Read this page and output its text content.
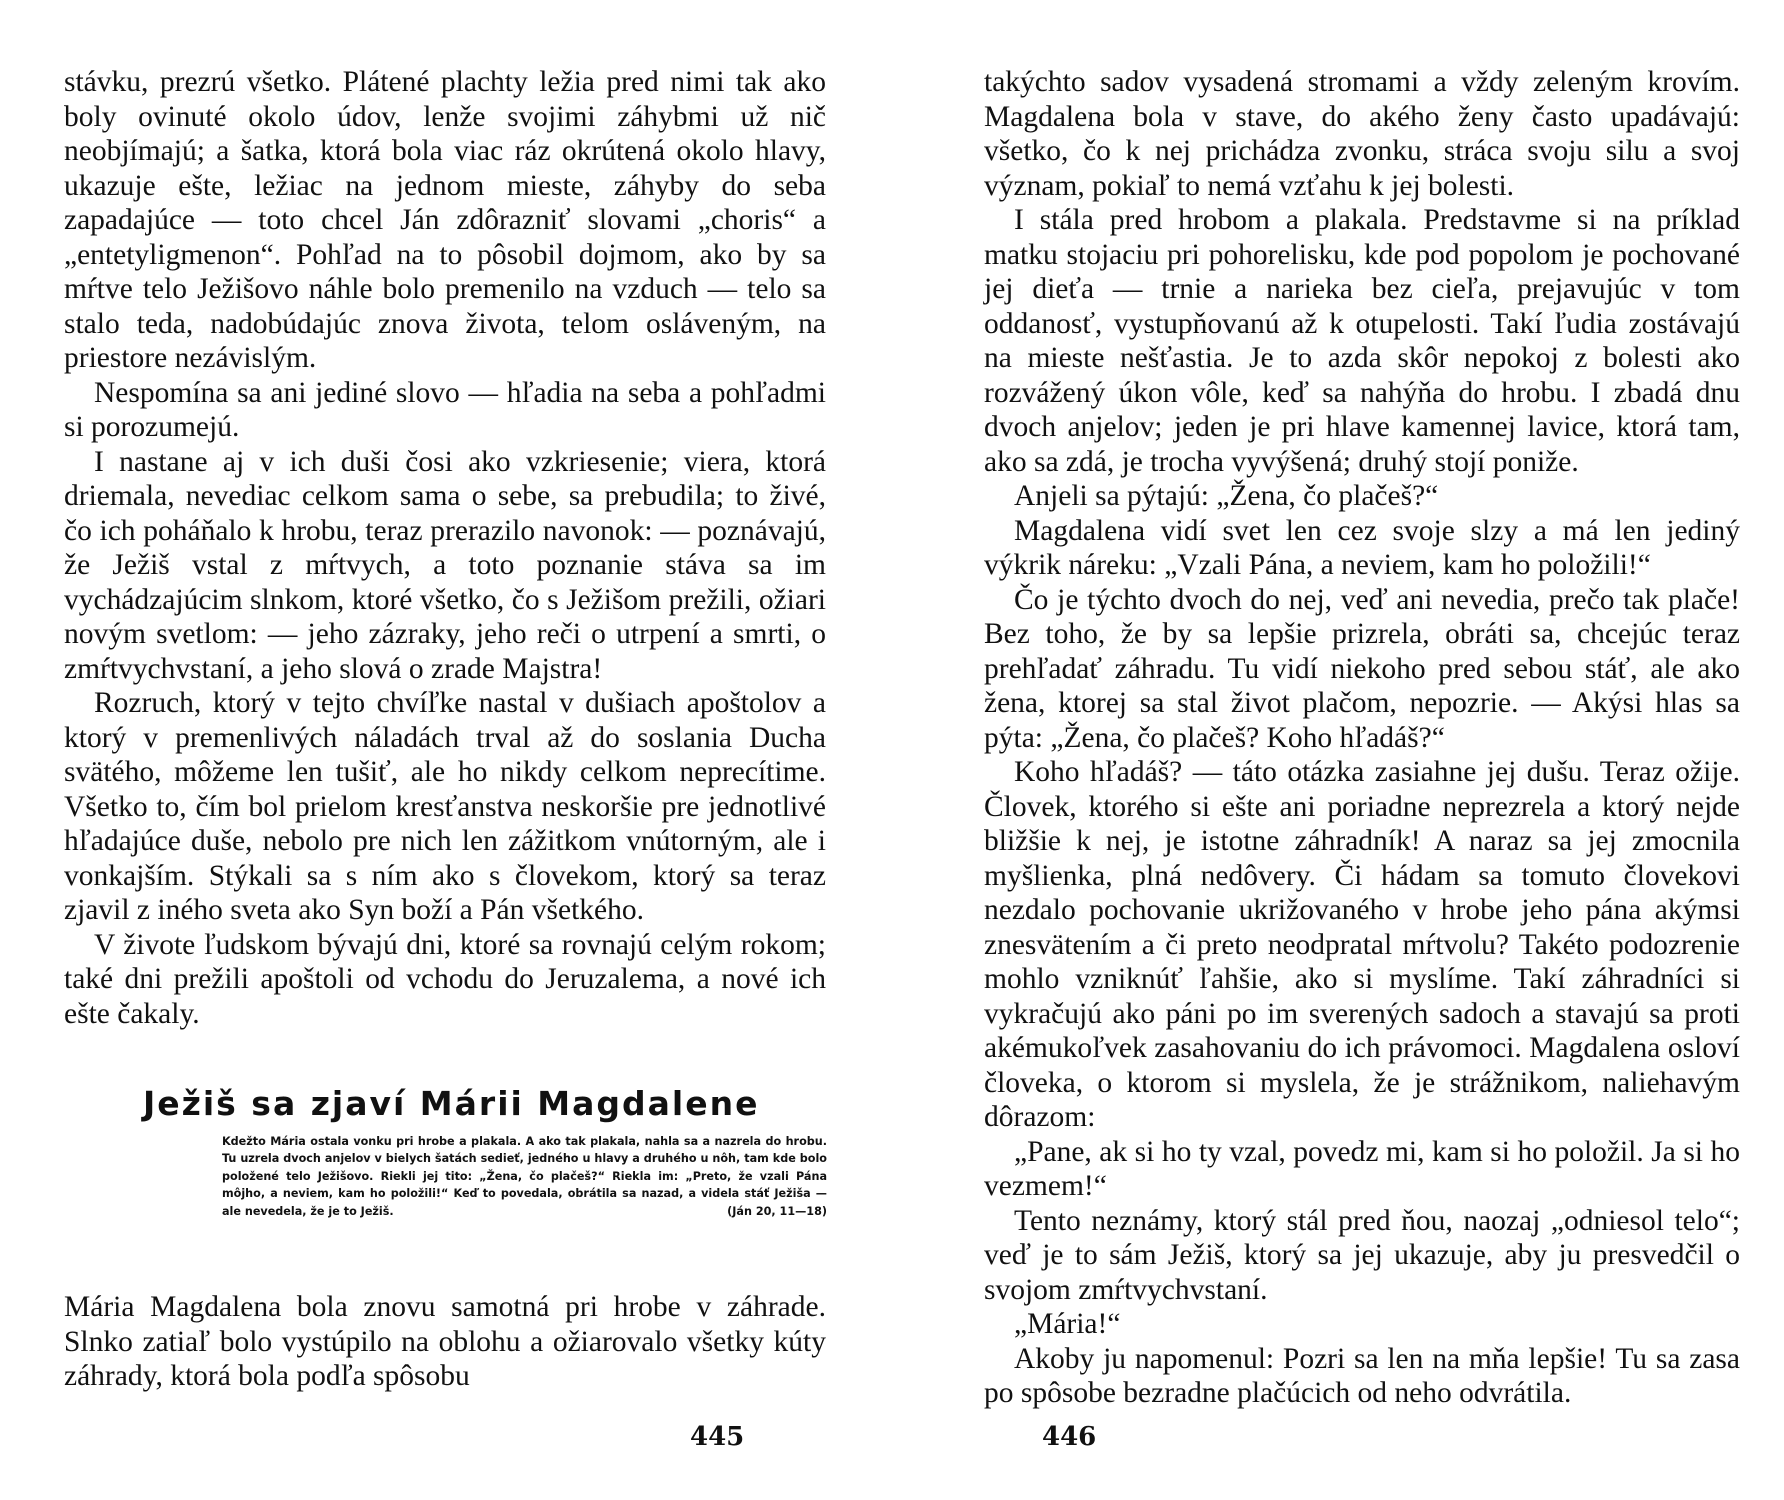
stávku, prezrú všetko. Plátené plachty ležia pred nimi tak ako boly ovinuté okolo údov, lenže svojimi záhybmi už nič neobjímajú; a šatka, ktorá bola viac ráz okrútená okolo hlavy, ukazuje ešte, ležiac na jednom mieste, záhyby do seba zapadajúce — toto chcel Ján zdôrazniť slovami „choris“ a „entetyligmenon“. Pohľad na to pôsobil dojmom, ako by sa mŕtve telo Ježišovo náhle bolo premenilo na vzduch — telo sa stalo teda, nadobúdajúc znova života, telom osláveným, na priestore nezávislým.

Nespomína sa ani jediné slovo — hľadia na seba a pohľadmi si porozumejú.

I nastane aj v ich duši čosi ako vzkriesenie; viera, ktorá driemala, nevediac celkom sama o sebe, sa prebudila; to živé, čo ich poháňalo k hrobu, teraz prerazilo navonok: — poznávajú, že Ježiš vstal z mŕtvych, a toto poznanie stáva sa im vychádzajúcim slnkom, ktoré všetko, čo s Ježišom prežili, ožiari novým svetlom: — jeho zázraky, jeho reči o utrpení a smrti, o zmŕtvychvstaní, a jeho slová o zrade Majstra!

Rozruch, ktorý v tejto chvíľke nastal v dušiach apoštolov a ktorý v premenlivých náladách trval až do soslania Ducha svätého, môžeme len tušiť, ale ho nikdy celkom neprecítime. Všetko to, čím bol prielom kresťanstva neskoršie pre jednotlivé hľadajúce duše, nebolo pre nich len zážitkom vnútorným, ale i vonkajším. Stýkali sa s ním ako s človekom, ktorý sa teraz zjavil z iného sveta ako Syn boží a Pán všetkého.

V živote ľudskom bývajú dni, ktoré sa rovnajú celým rokom; také dni prežili apoštoli od vchodu do Jeruzalema, a nové ich ešte čakaly.

Ježiš sa zjaví Márii Magdalene
Kdežto Mária ostala vonku pri hrobe a plakala. A ako tak plakala, nahla sa a nazrela do hrobu. Tu uzrela dvoch anjelov v bielych šatách sedieť, jedného u hlavy a druhého u nôh, tam kde bolo položené telo Ježišovo. Riekli jej tito: „Žena, čo plačeš?“ Riekla im: „Preto, že vzali Pána môjho, a neviem, kam ho položili!“ Keď to povedala, obrátila sa nazad, a videla stáť Ježiša — ale nevedela, že je to Ježiš.	(Ján 20, 11—18)

Mária Magdalena bola znovu samotná pri hrobe v záhrade. Slnko zatiaľ bolo vystúpilo na oblohu a ožiarovalo všetky kúty záhrady, ktorá bola podľa spôsobu

445

takýchto sadov vysadená stromami a vždy zeleným krovím. Magdalena bola v stave, do akého ženy často upadávajú: všetko, čo k nej prichádza zvonku, stráca svoju silu a svoj význam, pokiaľ to nemá vzťahu k jej bolesti.

I stála pred hrobom a plakala. Predstavme si na príklad matku stojaciu pri pohorelisku, kde pod popolom je pochované jej dieťa — trnie a narieka bez cieľa, prejavujúc v tom oddanosť, vystupňovanú až k otupelosti. Takí ľudia zostávajú na mieste nešťastia. Je to azda skôr nepokoj z bolesti ako rozvážený úkon vôle, keď sa nahýňa do hrobu. I zbadá dnu dvoch anjelov; jeden je pri hlave kamennej lavice, ktorá tam, ako sa zdá, je trocha vyvýšená; druhý stojí poniže.

Anjeli sa pýtajú: „Žena, čo plačeš?“

Magdalena vidí svet len cez svoje slzy a má len jediný výkrik náreku: „Vzali Pána, a neviem, kam ho položili!“

Čo je týchto dvoch do nej, veď ani nevedia, prečo tak plače! Bez toho, že by sa lepšie prizrela, obráti sa, chcejúc teraz prehľadať záhradu. Tu vidí niekoho pred sebou stáť, ale ako žena, ktorej sa stal život plačom, nepozrie. — Akýsi hlas sa pýta: „Žena, čo plačeš? Koho hľadáš?“

Koho hľadáš? — táto otázka zasiahne jej dušu. Teraz ožije. Človek, ktorého si ešte ani poriadne neprezrela a ktorý nejde bližšie k nej, je istotne záhradník! A naraz sa jej zmocnila myšlienka, plná nedôvery. Či hádam sa tomuto človekovi nezdalo pochovanie ukrižovaného v hrobe jeho pána akýmsi znesvätením a či preto neodpratal mŕtvolu? Takéto podozrenie mohlo vzniknúť ľahšie, ako si myslíme. Takí záhradníci si vykračujú ako páni po im sverených sadoch a stavajú sa proti akémukoľvek zasahovaniu do ich právomoci. Magdalena osloví človeka, o ktorom si myslela, že je strážnikom, naliehavým dôrazom:

„Pane, ak si ho ty vzal, povedz mi, kam si ho položil. Ja si ho vezmem!“

Tento neznámy, ktorý stál pred ňou, naozaj „odniesol telo“; veď je to sám Ježiš, ktorý sa jej ukazuje, aby ju presvedčil o svojom zmŕtvychvstaní.

„Mária!“

Akoby ju napomenul: Pozri sa len na mňa lepšie! Tu sa zasa po spôsobe bezradne plačúcich od neho odvrátila.

446
